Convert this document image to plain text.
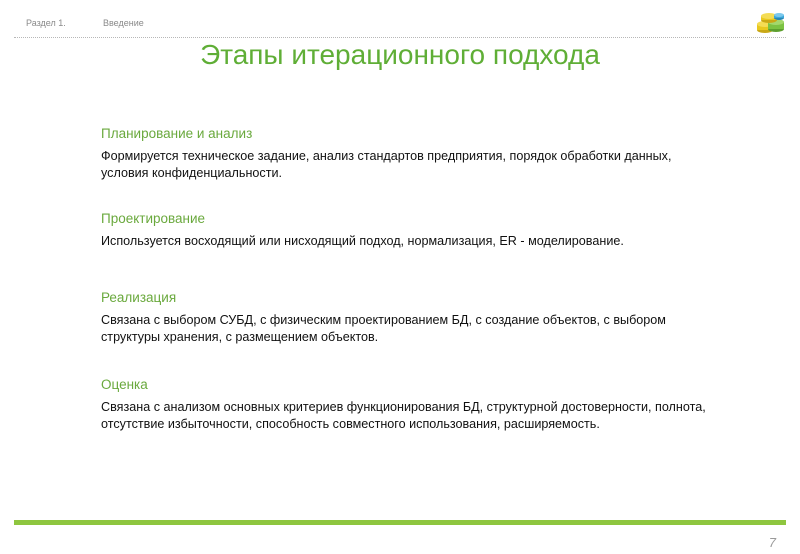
Раздел 1.	Введение
Этапы итерационного подхода

Планирование и анализ

Формируется техническое задание, анализ стандартов предприятия, порядок обработки данных, условия конфиденциальности.

Проектирование

Используется восходящий или нисходящий подход, нормализация, ER - моделирование.

Реализация

Связана с выбором СУБД, с физическим проектированием БД, с создание объектов, с выбором структуры хранения, с размещением объектов.

Оценка

Связана с анализом основных критериев функционирования БД, структурной достоверности, полнота, отсутствие избыточности, способность совместного использования, расширяемость.

7
